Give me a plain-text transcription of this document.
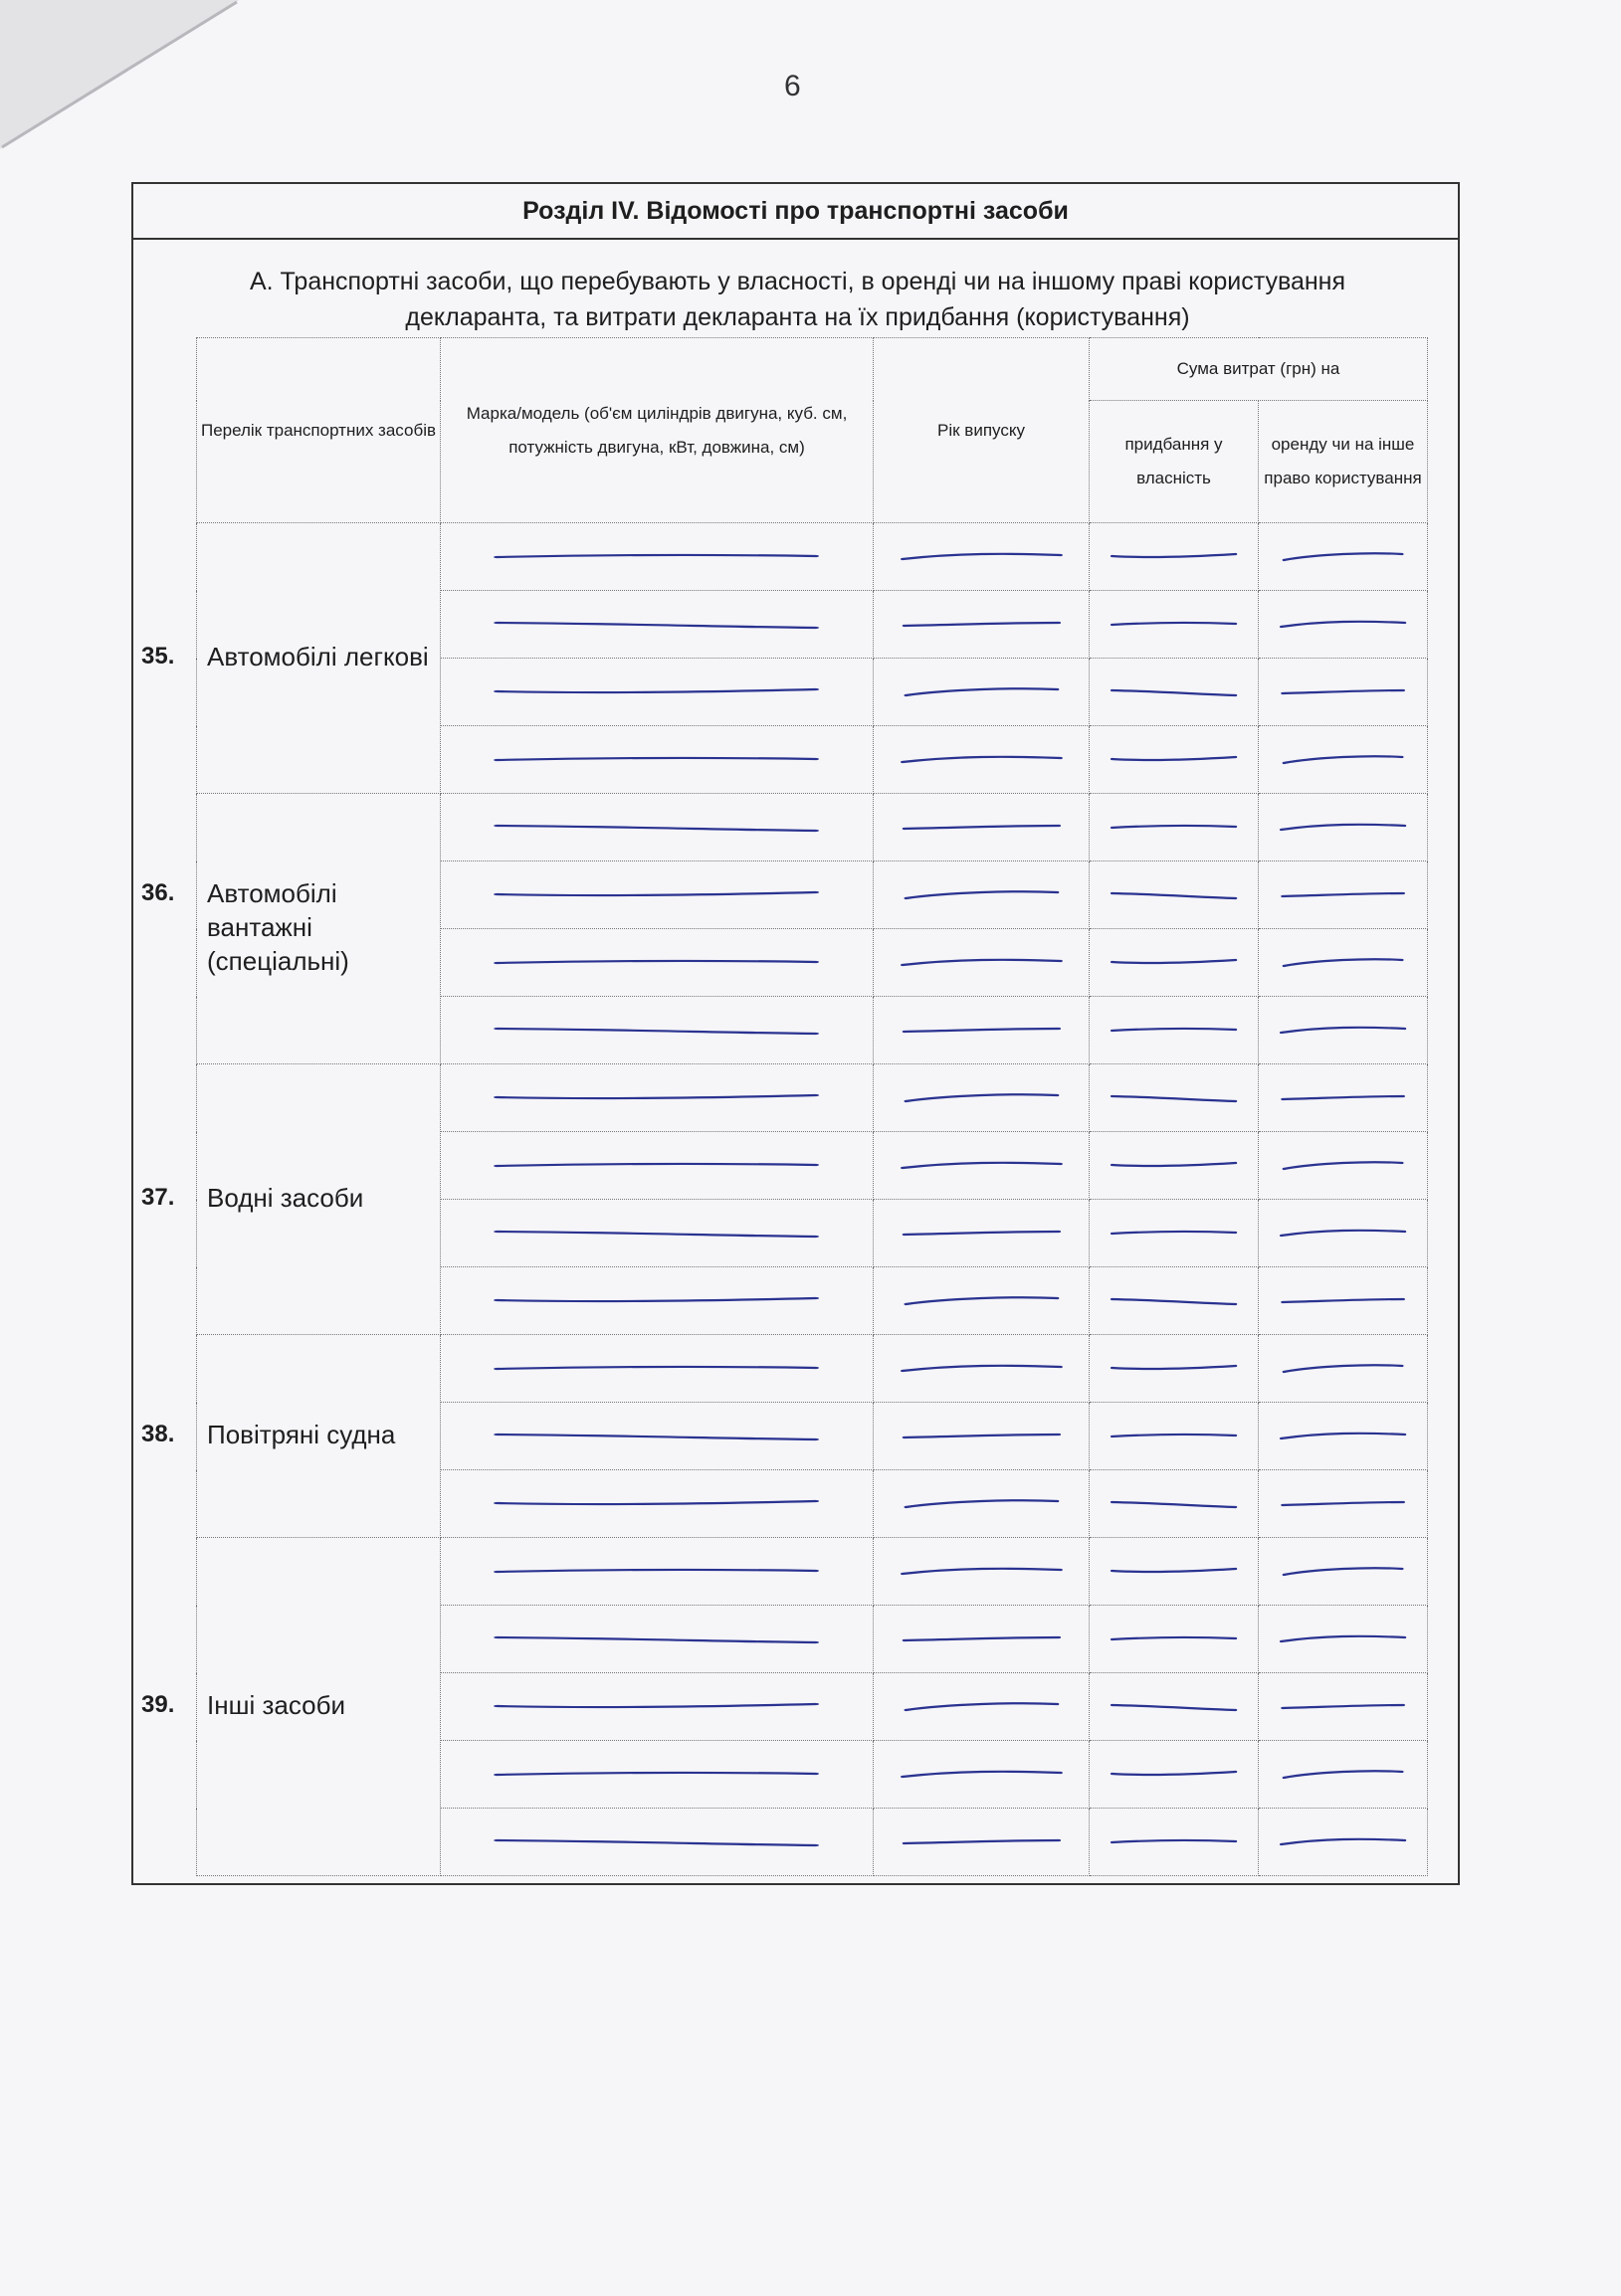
6
Розділ IV. Відомості про транспортні засоби
А. Транспортні засоби, що перебувають у власності, в оренді чи на іншому праві користування декларанта, та витрати декларанта на їх придбання (користування)
Перелік транспортних засобів	Марка/модель (об'єм циліндрів двигуна, куб. см, потужність двигуна, кВт, довжина, см)	Рік випуску	Сума витрат (грн) на	
			придбання у власність	оренду чи на інше право користування

35. Автомобілі легкові

36. Автомобілі вантажні (спеціальні)

37. Водні засоби

38. Повітряні судна

39. Інші засоби
